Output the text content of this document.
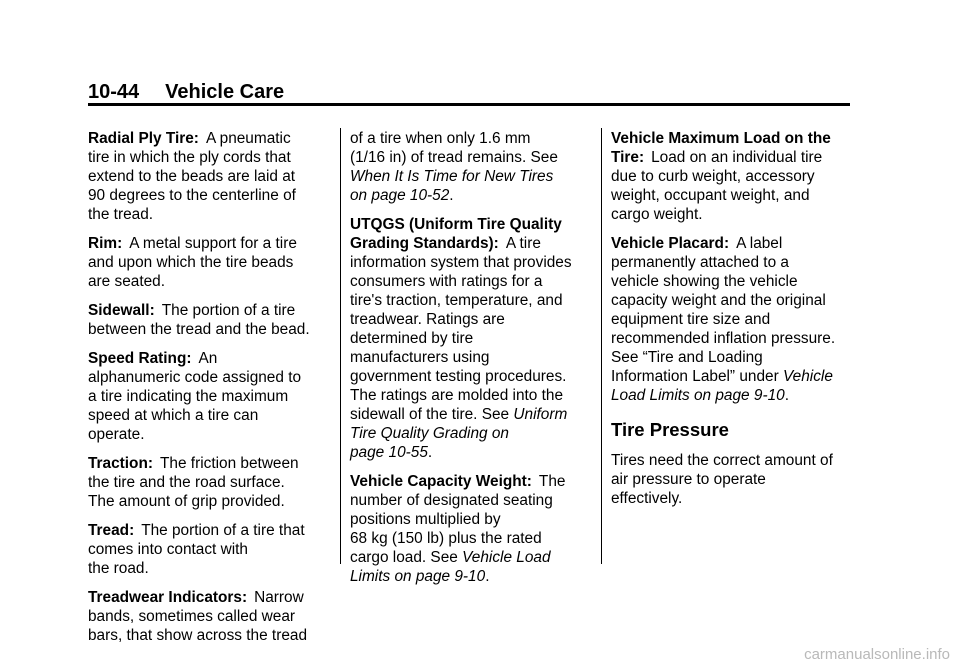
10-44 Vehicle Care

Radial Ply Tire : A pneumatic
tire in which the ply cords that
extend to the beads are laid at
90 degrees to the centerline of
the tread.

Rim : A metal support for a tire
and upon which the tire beads
are seated.

Sidewall : The portion of a tire
between the tread and the bead.

Speed Rating : An
alphanumeric code assigned to
a tire indicating the maximum
speed at which a tire can
operate.

Traction : The friction between
the tire and the road surface.
The amount of grip provided.

Tread : The portion of a tire that
comes into contact with
the road.

Treadwear Indicators : Narrow
bands, sometimes called wear
bars, that show across the tread

of a tire when only 1.6 mm
(1/16 in) of tread remains. See
When It Is Time for New Tires
on page 10-52.

UTQGS (Uniform Tire Quality
Grading Standards) : A tire
information system that provides
consumers with ratings for a
tire's traction, temperature, and
treadwear. Ratings are
determined by tire
manufacturers using
government testing procedures.
The ratings are molded into the
sidewall of the tire. See Uniform
Tire Quality Grading on
page 10-55.

Vehicle Capacity Weight : The
number of designated seating
positions multiplied by
68 kg (150 lb) plus the rated
cargo load. See Vehicle Load
Limits on page 9-10.

Vehicle Maximum Load on the
Tire : Load on an individual tire
due to curb weight, accessory
weight, occupant weight, and
cargo weight.

Vehicle Placard : A label
permanently attached to a
vehicle showing the vehicle
capacity weight and the original
equipment tire size and
recommended inflation pressure.
See “Tire and Loading
Information Label” under Vehicle
Load Limits on page 9-10.

Tire Pressure

Tires need the correct amount of
air pressure to operate
effectively.

carmanualsonline.info
